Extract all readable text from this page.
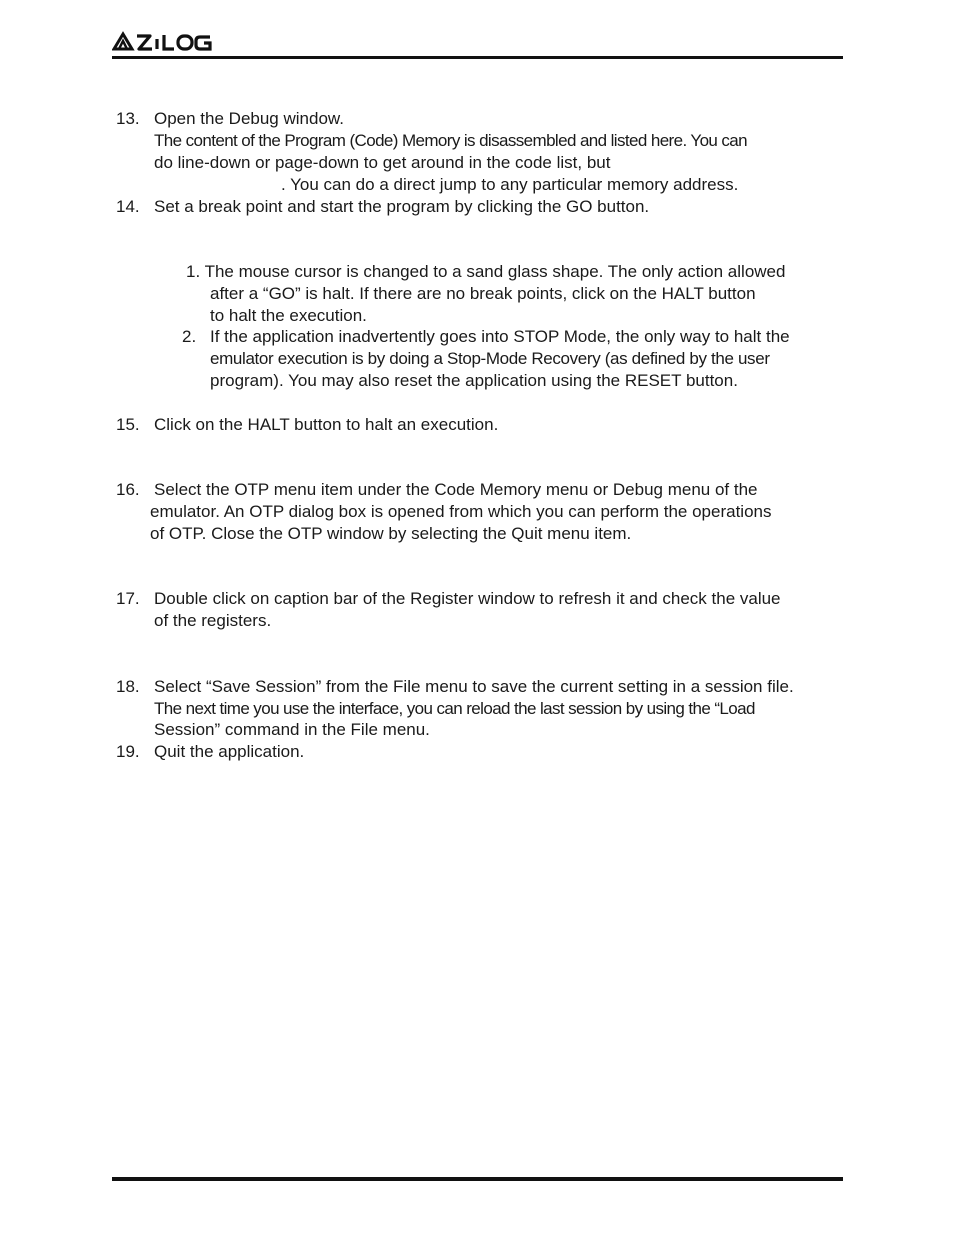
13. Open the Debug window.
The content of the Program (Code) Memory is disassembled and listed here. You can
do line-down or page-down to get around in the code list, but
. You can do a direct jump to any particular memory address.
14. Set a break point and start the program by clicking the GO button.
1. The mouse cursor is changed to a sand glass shape. The only action allowed
after a “GO” is halt. If there are no break points, click on the HALT button
to halt the execution.
2. If the application inadvertently goes into STOP Mode, the only way to halt the
emulator execution is by doing a Stop-Mode Recovery (as defined by the user
program). You may also reset the application using the RESET button.
15. Click on the HALT button to halt an execution.
16. Select the OTP menu item under the Code Memory menu or Debug menu of the
emulator. An OTP dialog box is opened from which you can perform the operations
of OTP. Close the OTP window by selecting the Quit menu item.
17. Double click on caption bar of the Register window to refresh it and check the value
of the registers.
18. Select “Save Session” from the File menu to save the current setting in a session file.
The next time you use the interface, you can reload the last session by using the “Load
Session” command in the File menu.
19. Quit the application.
